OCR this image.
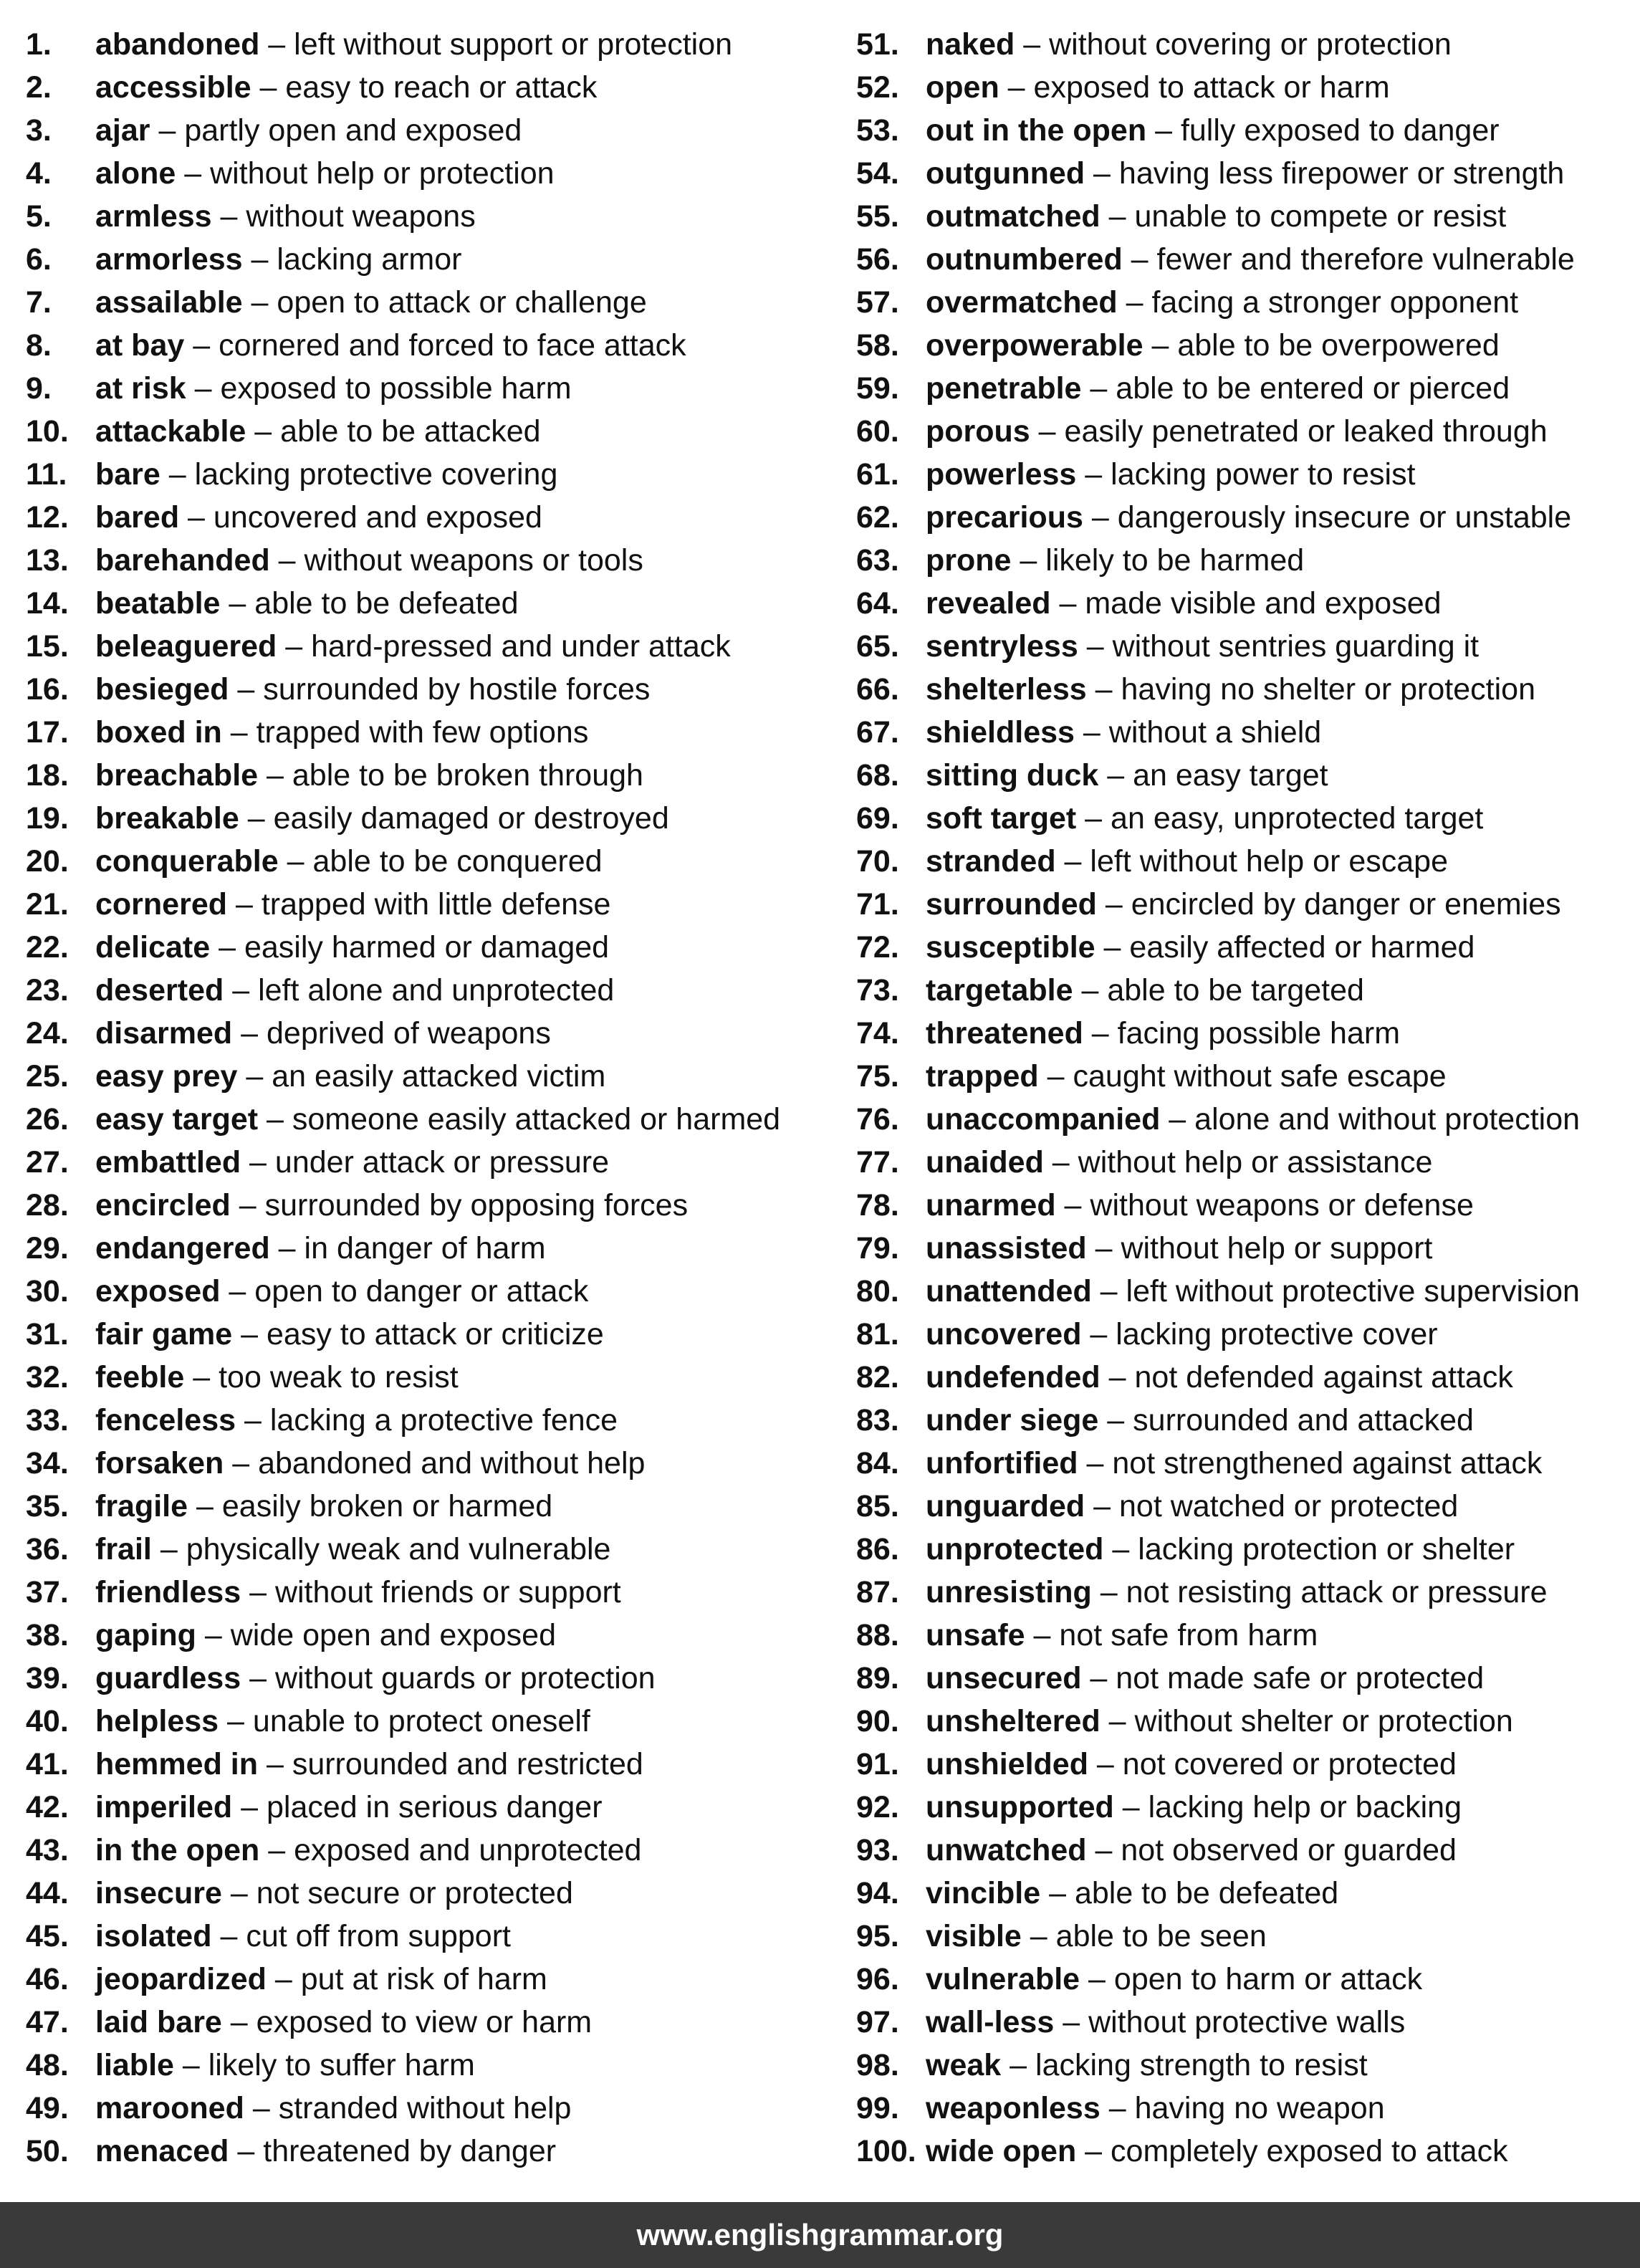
1. abandoned – left without support or protection
2. accessible – easy to reach or attack
3. ajar – partly open and exposed
4. alone – without help or protection
5. armless – without weapons
6. armorless – lacking armor
7. assailable – open to attack or challenge
8. at bay – cornered and forced to face attack
9. at risk – exposed to possible harm
10. attackable – able to be attacked
11. bare – lacking protective covering
12. bared – uncovered and exposed
13. barehanded – without weapons or tools
14. beatable – able to be defeated
15. beleaguered – hard-pressed and under attack
16. besieged – surrounded by hostile forces
17. boxed in – trapped with few options
18. breachable – able to be broken through
19. breakable – easily damaged or destroyed
20. conquerable – able to be conquered
21. cornered – trapped with little defense
22. delicate – easily harmed or damaged
23. deserted – left alone and unprotected
24. disarmed – deprived of weapons
25. easy prey – an easily attacked victim
26. easy target – someone easily attacked or harmed
27. embattled – under attack or pressure
28. encircled – surrounded by opposing forces
29. endangered – in danger of harm
30. exposed – open to danger or attack
31. fair game – easy to attack or criticize
32. feeble – too weak to resist
33. fenceless – lacking a protective fence
34. forsaken – abandoned and without help
35. fragile – easily broken or harmed
36. frail – physically weak and vulnerable
37. friendless – without friends or support
38. gaping – wide open and exposed
39. guardless – without guards or protection
40. helpless – unable to protect oneself
41. hemmed in – surrounded and restricted
42. imperiled – placed in serious danger
43. in the open – exposed and unprotected
44. insecure – not secure or protected
45. isolated – cut off from support
46. jeopardized – put at risk of harm
47. laid bare – exposed to view or harm
48. liable – likely to suffer harm
49. marooned – stranded without help
50. menaced – threatened by danger
51. naked – without covering or protection
52. open – exposed to attack or harm
53. out in the open – fully exposed to danger
54. outgunned – having less firepower or strength
55. outmatched – unable to compete or resist
56. outnumbered – fewer and therefore vulnerable
57. overmatched – facing a stronger opponent
58. overpowerable – able to be overpowered
59. penetrable – able to be entered or pierced
60. porous – easily penetrated or leaked through
61. powerless – lacking power to resist
62. precarious – dangerously insecure or unstable
63. prone – likely to be harmed
64. revealed – made visible and exposed
65. sentryless – without sentries guarding it
66. shelterless – having no shelter or protection
67. shieldless – without a shield
68. sitting duck – an easy target
69. soft target – an easy, unprotected target
70. stranded – left without help or escape
71. surrounded – encircled by danger or enemies
72. susceptible – easily affected or harmed
73. targetable – able to be targeted
74. threatened – facing possible harm
75. trapped – caught without safe escape
76. unaccompanied – alone and without protection
77. unaided – without help or assistance
78. unarmed – without weapons or defense
79. unassisted – without help or support
80. unattended – left without protective supervision
81. uncovered – lacking protective cover
82. undefended – not defended against attack
83. under siege – surrounded and attacked
84. unfortified – not strengthened against attack
85. unguarded – not watched or protected
86. unprotected – lacking protection or shelter
87. unresisting – not resisting attack or pressure
88. unsafe – not safe from harm
89. unsecured – not made safe or protected
90. unsheltered – without shelter or protection
91. unshielded – not covered or protected
92. unsupported – lacking help or backing
93. unwatched – not observed or guarded
94. vincible – able to be defeated
95. visible – able to be seen
96. vulnerable – open to harm or attack
97. wall-less – without protective walls
98. weak – lacking strength to resist
99. weaponless – having no weapon
100. wide open – completely exposed to attack
www.englishgrammar.org
